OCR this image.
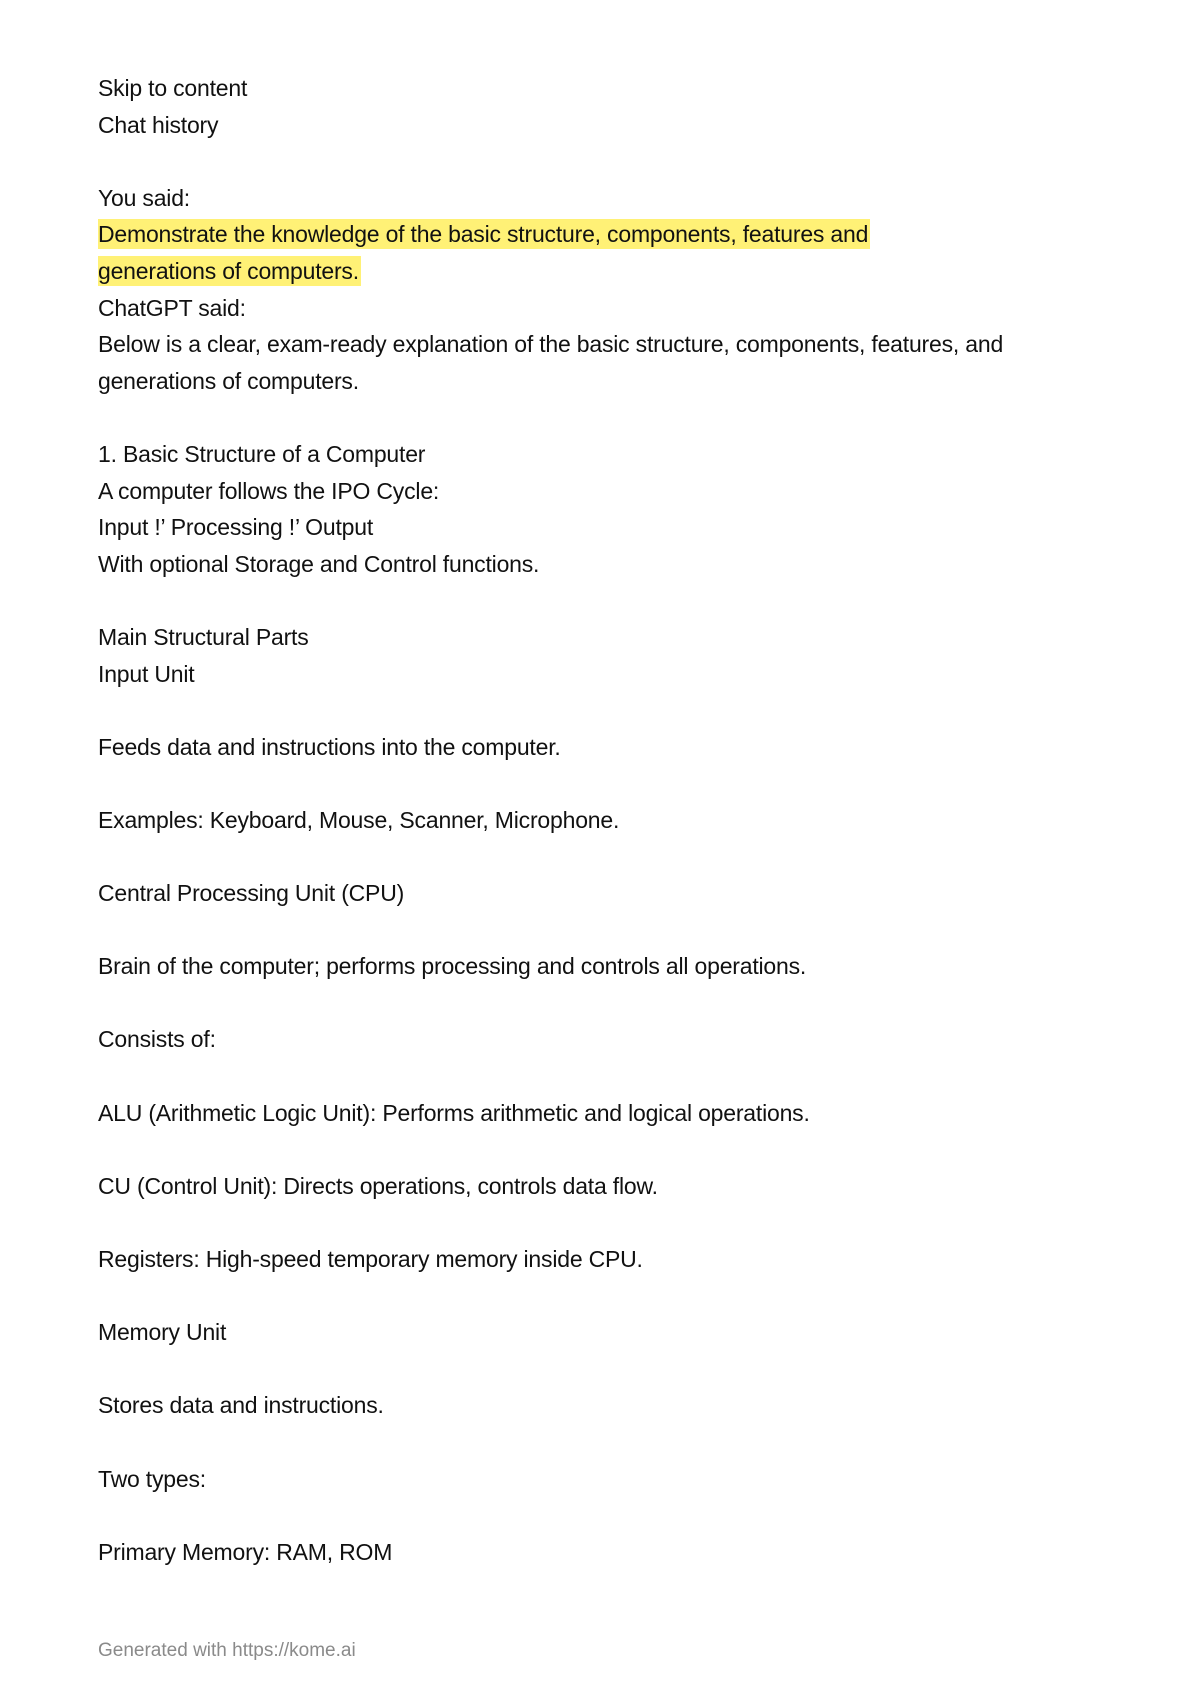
Skip to content
Chat history
You said:
Demonstrate the knowledge of the basic structure, components, features and
generations of computers.
ChatGPT said:
Below is a clear, exam-ready explanation of the basic structure, components, features, and
generations of computers.
1. Basic Structure of a Computer
A computer follows the IPO Cycle:
Input !’ Processing !’ Output
With optional Storage and Control functions.
Main Structural Parts
Input Unit
Feeds data and instructions into the computer.
Examples: Keyboard, Mouse, Scanner, Microphone.
Central Processing Unit (CPU)
Brain of the computer; performs processing and controls all operations.
Consists of:
ALU (Arithmetic Logic Unit): Performs arithmetic and logical operations.
CU (Control Unit): Directs operations, controls data flow.
Registers: High-speed temporary memory inside CPU.
Memory Unit
Stores data and instructions.
Two types:
Primary Memory: RAM, ROM
Generated with https://kome.ai
